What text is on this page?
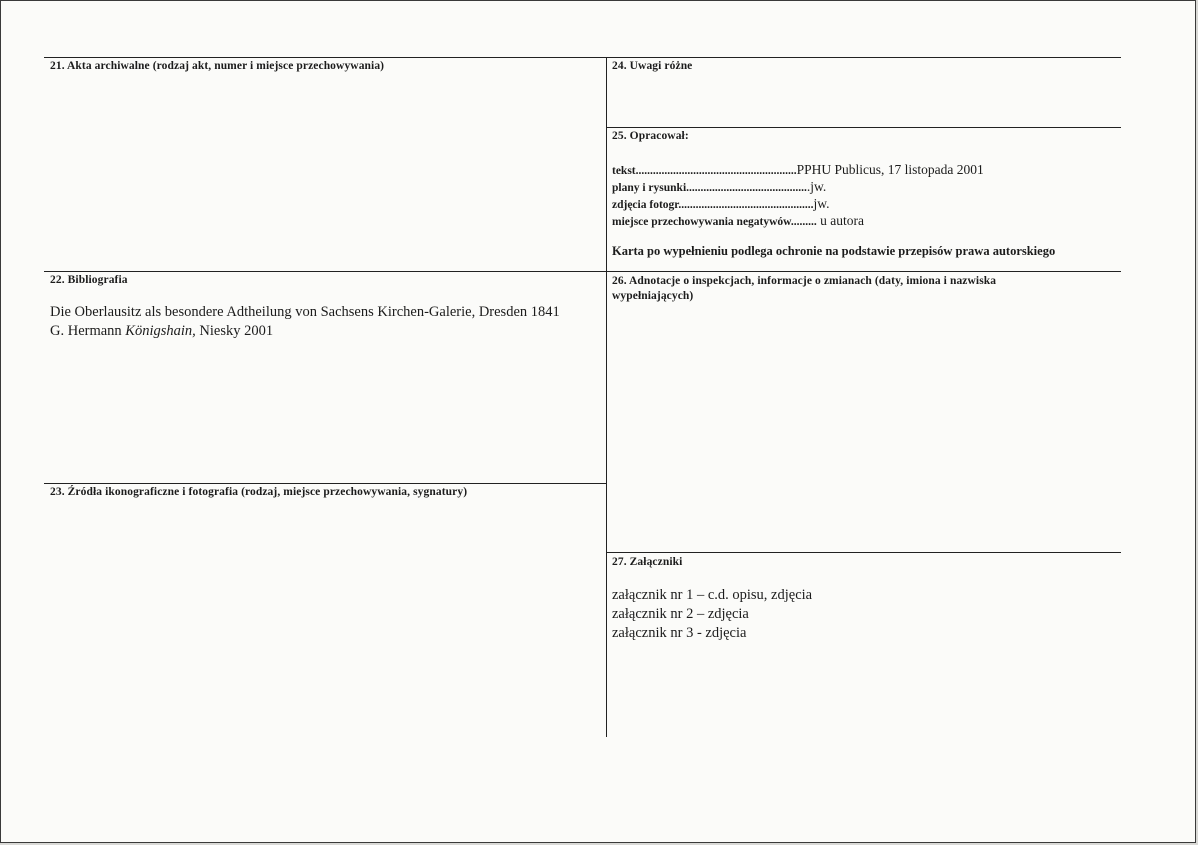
21. Akta archiwalne (rodzaj akt, numer i miejsce przechowywania)	24. Uwagi różne
25. Opracował:
tekst........................................................PPHU Publicus, 17 listopada 2001
plany i rysunki...........................................jw.
zdjęcia fotogr...............................................jw.
miejsce przechowywania negatywów......... u autora
Karta po wypełnieniu podlega ochronie na podstawie przepisów prawa autorskiego
22. Bibliografia
Die Oberlausitz als besondere Adtheilung von Sachsens Kirchen-Galerie, Dresden 1841
G. Hermann Königshain, Niesky 2001
26. Adnotacje o inspekcjach, informacje o zmianach (daty, imiona i nazwiska wypełniających)
23. Źródła ikonograficzne i fotografia (rodzaj, miejsce przechowywania, sygnatury)
27. Załączniki
załącznik nr 1 – c.d. opisu, zdjęcia
załącznik nr 2 – zdjęcia
załącznik nr 3 - zdjęcia
